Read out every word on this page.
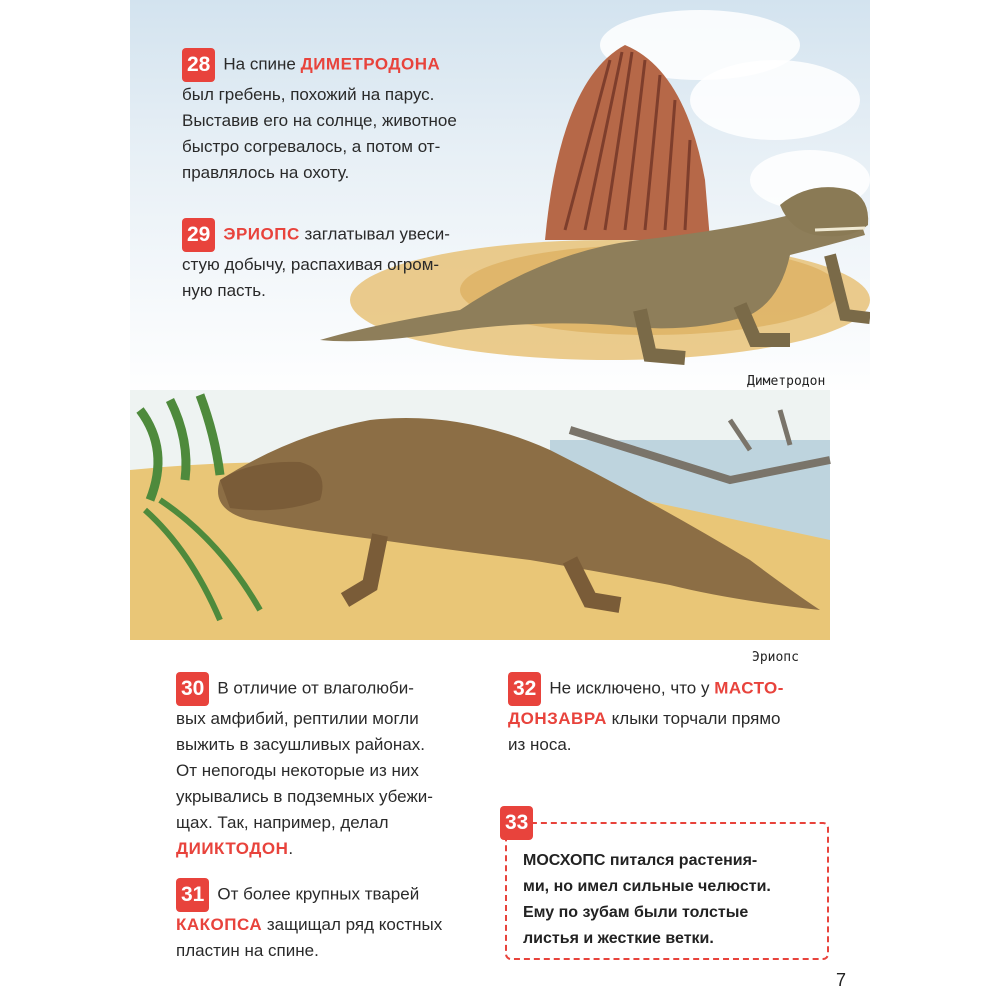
28 На спине ДИМЕТРОДОНА
был гребень, похожий на парус.
Выставив его на солнце, животное
быстро согревалось, а потом от-
правлялось на охоту.
29 ЭРИОПС заглатывал увеси-
стую добычу, распахивая огром-
ную пасть.
Диметродон
Эриопс
30 В отличие от влаголюби-
вых амфибий, рептилии могли
выжить в засушливых районах.
От непогоды некоторые из них
укрывались в подземных убежи-
щах. Так, например, делал
ДИИКТОДОН.
31 От более крупных тварей
КАКОПСА защищал ряд костных
пластин на спине.
32 Не исключено, что у МАСТО-
ДОНЗАВРА клыки торчали прямо
из носа.
МОСХОПС питался растения-
ми, но имел сильные челюсти.
Ему по зубам были толстые
листья и жесткие ветки.
33
7
